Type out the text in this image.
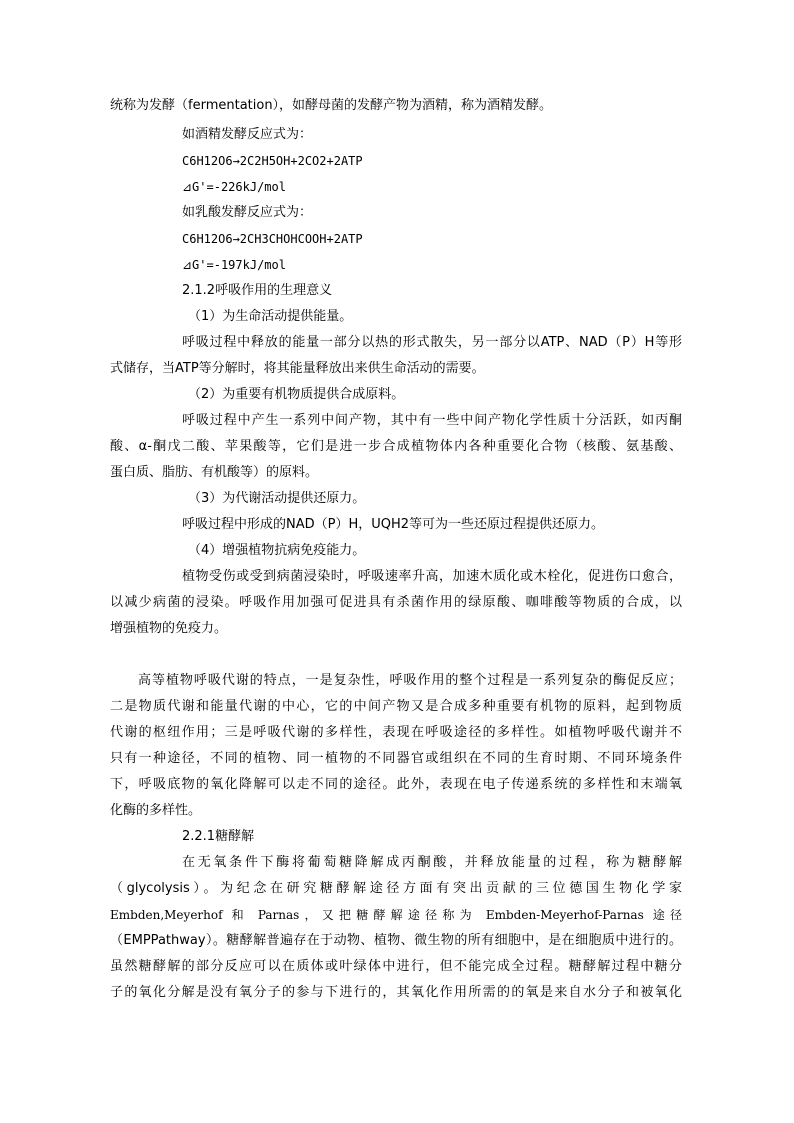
统称为发酵（fermentation），如酵母菌的发酵产物为酒精，称为酒精发酵。
如酒精发酵反应式为：
C6H12O6→2C2H5OH+2CO2+2ATP
⊿G'=-226kJ/mol
如乳酸发酵反应式为：
C6H12O6→2CH3CHOHCOOH+2ATP
⊿G'=-197kJ/mol
2.1.2呼吸作用的生理意义
（1）为生命活动提供能量。
呼吸过程中释放的能量一部分以热的形式散失，另一部分以ATP、NAD（P）H等形
式储存，当ATP等分解时，将其能量释放出来供生命活动的需要。
（2）为重要有机物质提供合成原料。
呼吸过程中产生一系列中间产物，其中有一些中间产物化学性质十分活跃，如丙酮
酸、α-酮戊二酸、苹果酸等，它们是进一步合成植物体内各种重要化合物（核酸、氨基酸、
蛋白质、脂肪、有机酸等）的原料。
（3）为代谢活动提供还原力。
呼吸过程中形成的NAD（P）H，UQH2等可为一些还原过程提供还原力。
（4）增强植物抗病免疫能力。
植物受伤或受到病菌浸染时，呼吸速率升高，加速木质化或木栓化，促进伤口愈合，
以减少病菌的浸染。呼吸作用加强可促进具有杀菌作用的绿原酸、咖啡酸等物质的合成，以
增强植物的免疫力。
高等植物呼吸代谢的特点，一是复杂性，呼吸作用的整个过程是一系列复杂的酶促反应；
二是物质代谢和能量代谢的中心，它的中间产物又是合成多种重要有机物的原料，起到物质
代谢的枢纽作用；三是呼吸代谢的多样性，表现在呼吸途径的多样性。如植物呼吸代谢并不
只有一种途径，不同的植物、同一植物的不同器官或组织在不同的生育时期、不同环境条件
下，呼吸底物的氧化降解可以走不同的途径。此外，表现在电子传递系统的多样性和末端氧
化酶的多样性。
2.2.1糖酵解
在无氧条件下酶将葡萄糖降解成丙酮酸，并释放能量的过程，称为糖酵解
（glycolysis）。为纪念在研究糖酵解途径方面有突出贡献的三位德国生物化学家
Embden,Meyerhof 和 Parnas，又把糖酵解途径称为 Embden-Meyerhof-Parnas 途径
（EMPPathway）。糖酵解普遍存在于动物、植物、微生物的所有细胞中，是在细胞质中进行的。
虽然糖酵解的部分反应可以在质体或叶绿体中进行，但不能完成全过程。糖酵解过程中糖分
子的氧化分解是没有氧分子的参与下进行的，其氧化作用所需的的氧是来自水分子和被氧化
